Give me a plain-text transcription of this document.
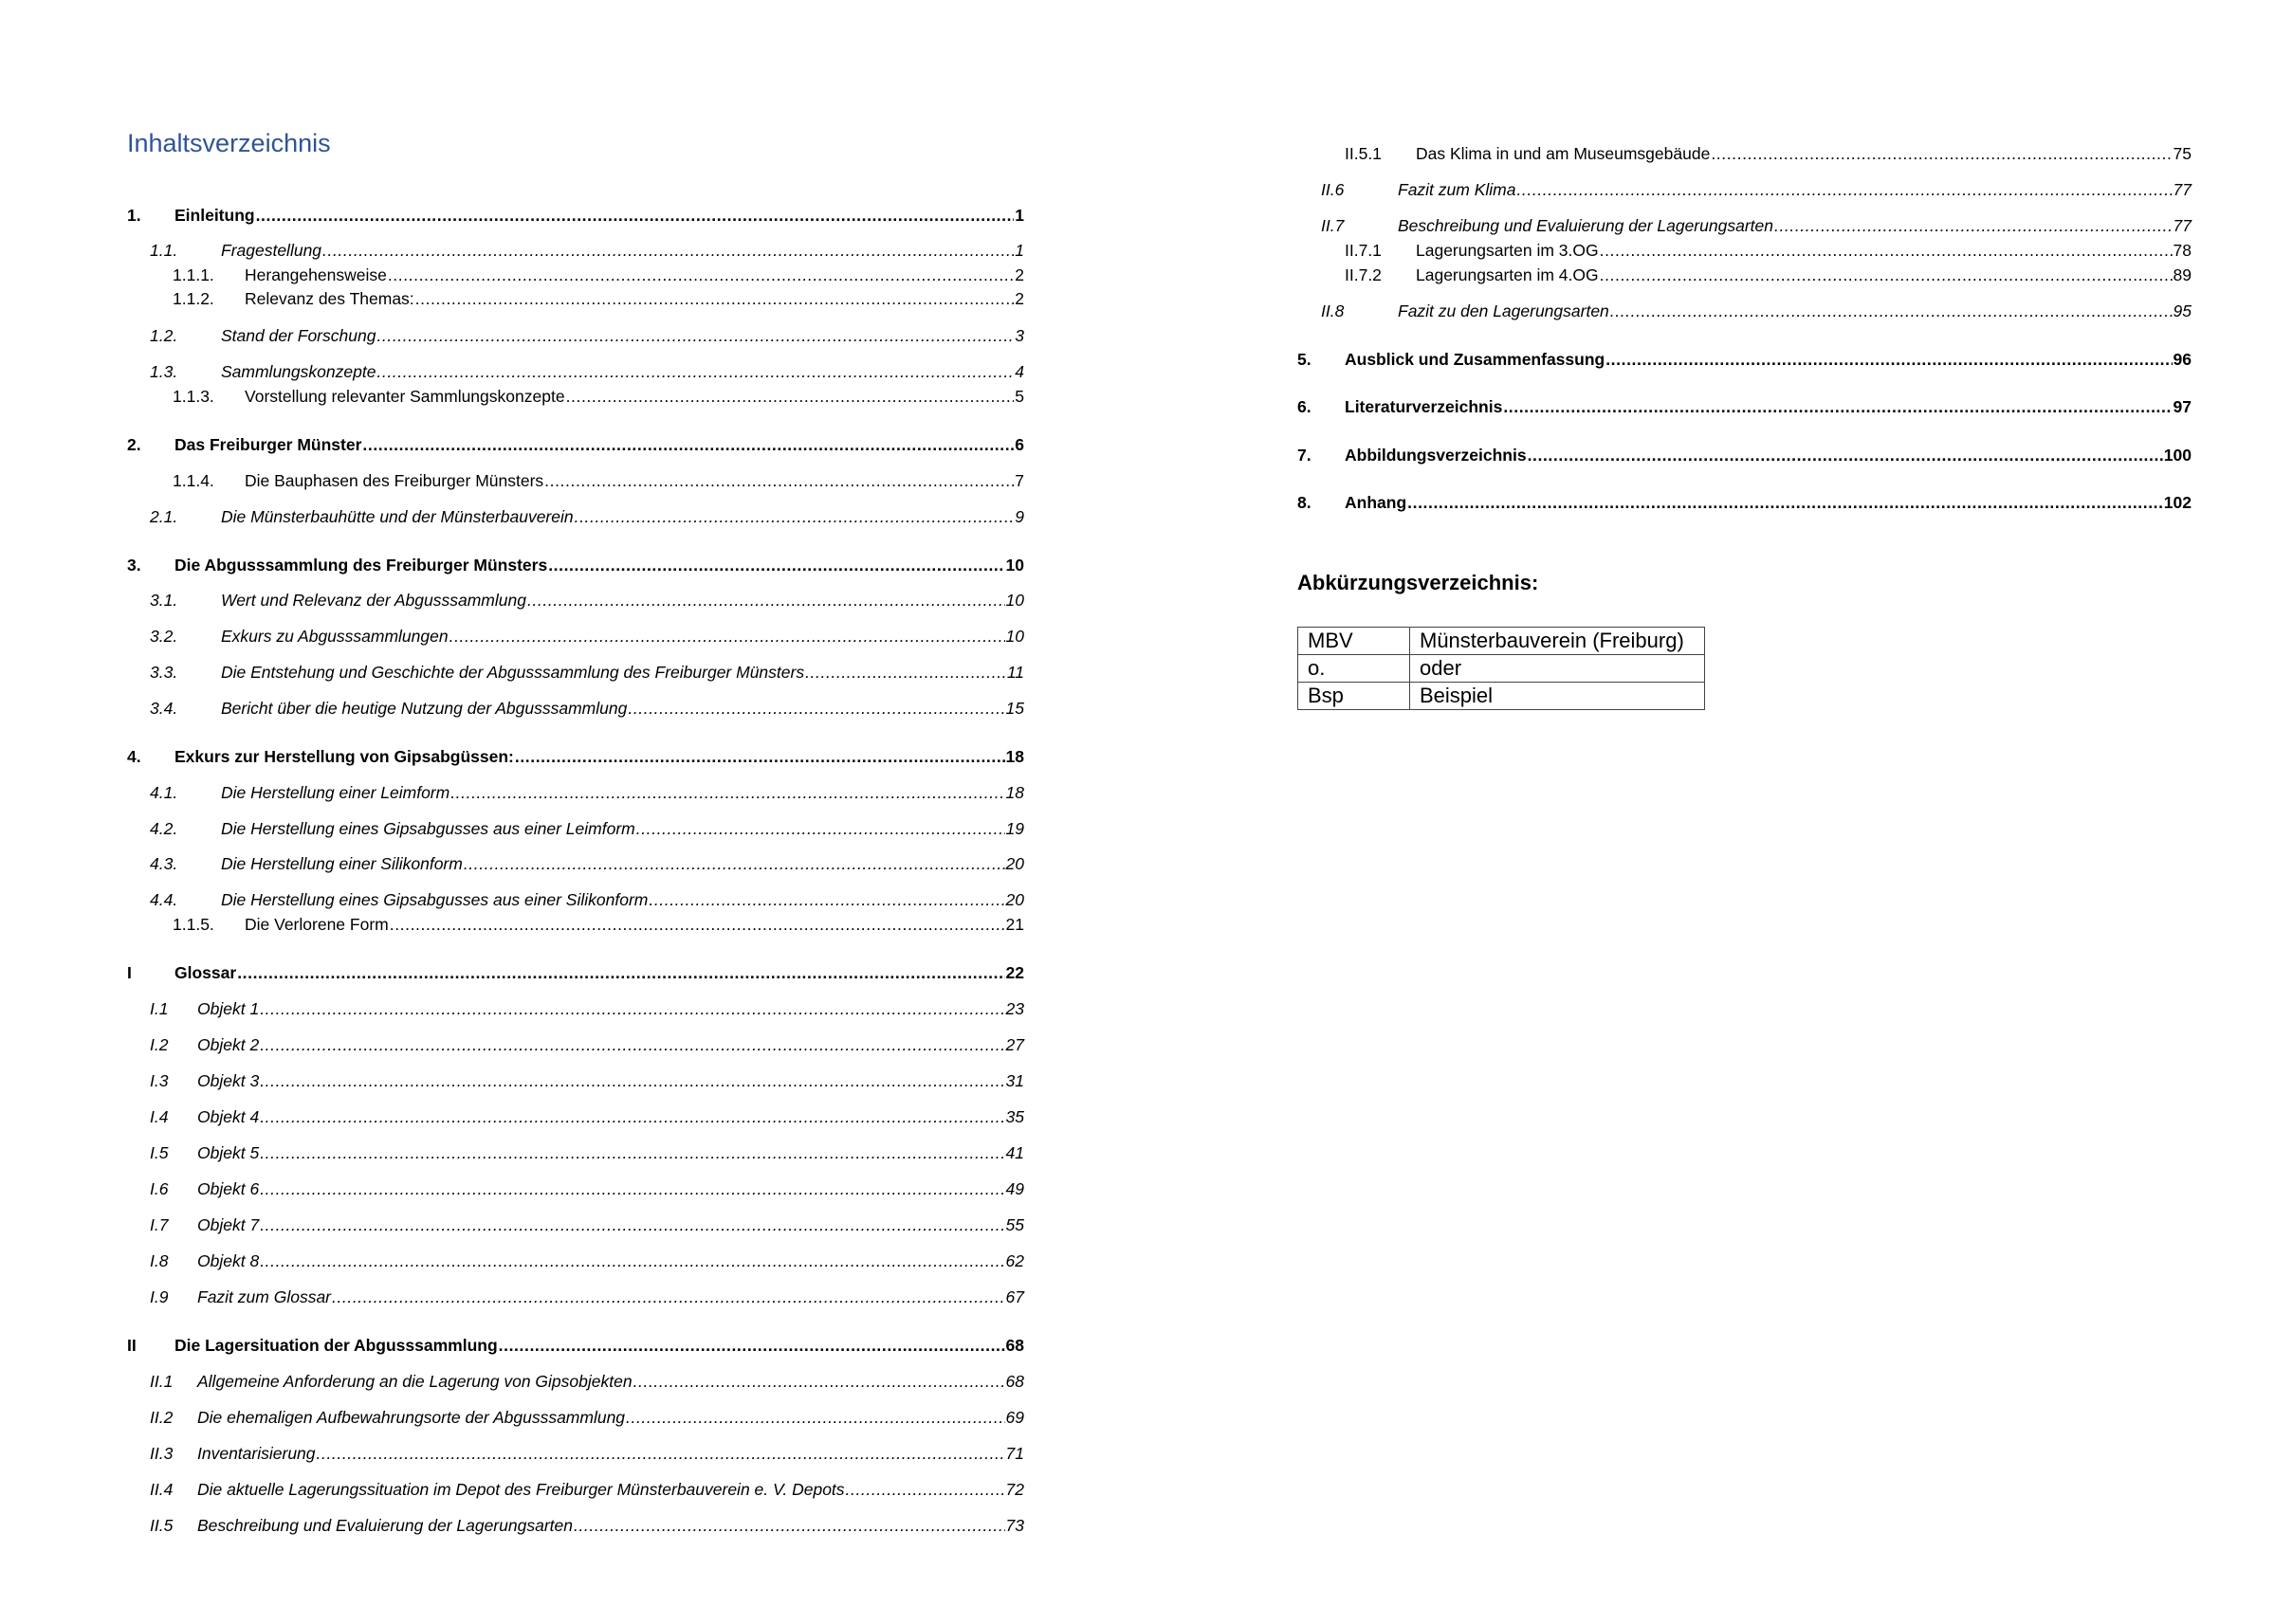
Inhaltsverzeichnis
1.	Einleitung .....	1
1.1.	Fragestellung .....	1
1.1.1.	Herangehensweise .....	2
1.1.2.	Relevanz des Themas: .....	2
1.2.	Stand der Forschung .....	3
1.3.	Sammlungskonzepte .....	4
1.1.3.	Vorstellung relevanter Sammlungskonzepte .....	5
2.	Das Freiburger Münster .....	6
1.1.4.	Die Bauphasen des Freiburger Münsters .....	7
2.1.	Die Münsterbauhütte und der Münsterbauverein .....	9
3.	Die Abgusssammlung des Freiburger Münsters .....	10
3.1.	Wert und Relevanz der Abgusssammlung .....	10
3.2.	Exkurs zu Abgusssammlungen .....	10
3.3.	Die Entstehung und Geschichte der Abgusssammlung des Freiburger Münsters .....	11
3.4.	Bericht über die heutige Nutzung der Abgusssammlung .....	15
4.	Exkurs zur Herstellung von Gipsabgüssen: .....	18
4.1.	Die Herstellung einer Leimform .....	18
4.2.	Die Herstellung eines Gipsabgusses aus einer Leimform .....	19
4.3.	Die Herstellung einer Silikonform .....	20
4.4.	Die Herstellung eines Gipsabgusses aus einer Silikonform .....	20
1.1.5.	Die Verlorene Form .....	21
I	Glossar .....	22
I.1	Objekt 1 .....	23
I.2	Objekt 2 .....	27
I.3	Objekt 3 .....	31
I.4	Objekt 4 .....	35
I.5	Objekt 5 .....	41
I.6	Objekt 6 .....	49
I.7	Objekt 7 .....	55
I.8	Objekt 8 .....	62
I.9	Fazit zum Glossar .....	67
II	Die Lagersituation der Abgusssammlung .....	68
II.1	Allgemeine Anforderung an die Lagerung von Gipsobjekten .....	68
II.2	Die ehemaligen Aufbewahrungsorte der Abgusssammlung .....	69
II.3	Inventarisierung .....	71
II.4	Die aktuelle Lagerungssituation im Depot des Freiburger Münsterbauverein e. V. Depots .....	72
II.5	Beschreibung und Evaluierung der Lagerungsarten .....	73
Abkürzungsverzeichnis:
MBV	Münsterbauverein (Freiburg)
o.	oder
Bsp	Beispiel
II.5.1	Das Klima in und am Museumsgebäude .....	75
II.6	Fazit zum Klima .....	77
II.7	Beschreibung und Evaluierung der Lagerungsarten .....	77
II.7.1	Lagerungsarten im 3.OG .....	78
II.7.2	Lagerungsarten im 4.OG .....	89
II.8	Fazit zu den Lagerungsarten .....	95
5.	Ausblick und Zusammenfassung .....	96
6.	Literaturverzeichnis .....	97
7.	Abbildungsverzeichnis .....	100
8.	Anhang .....	102
